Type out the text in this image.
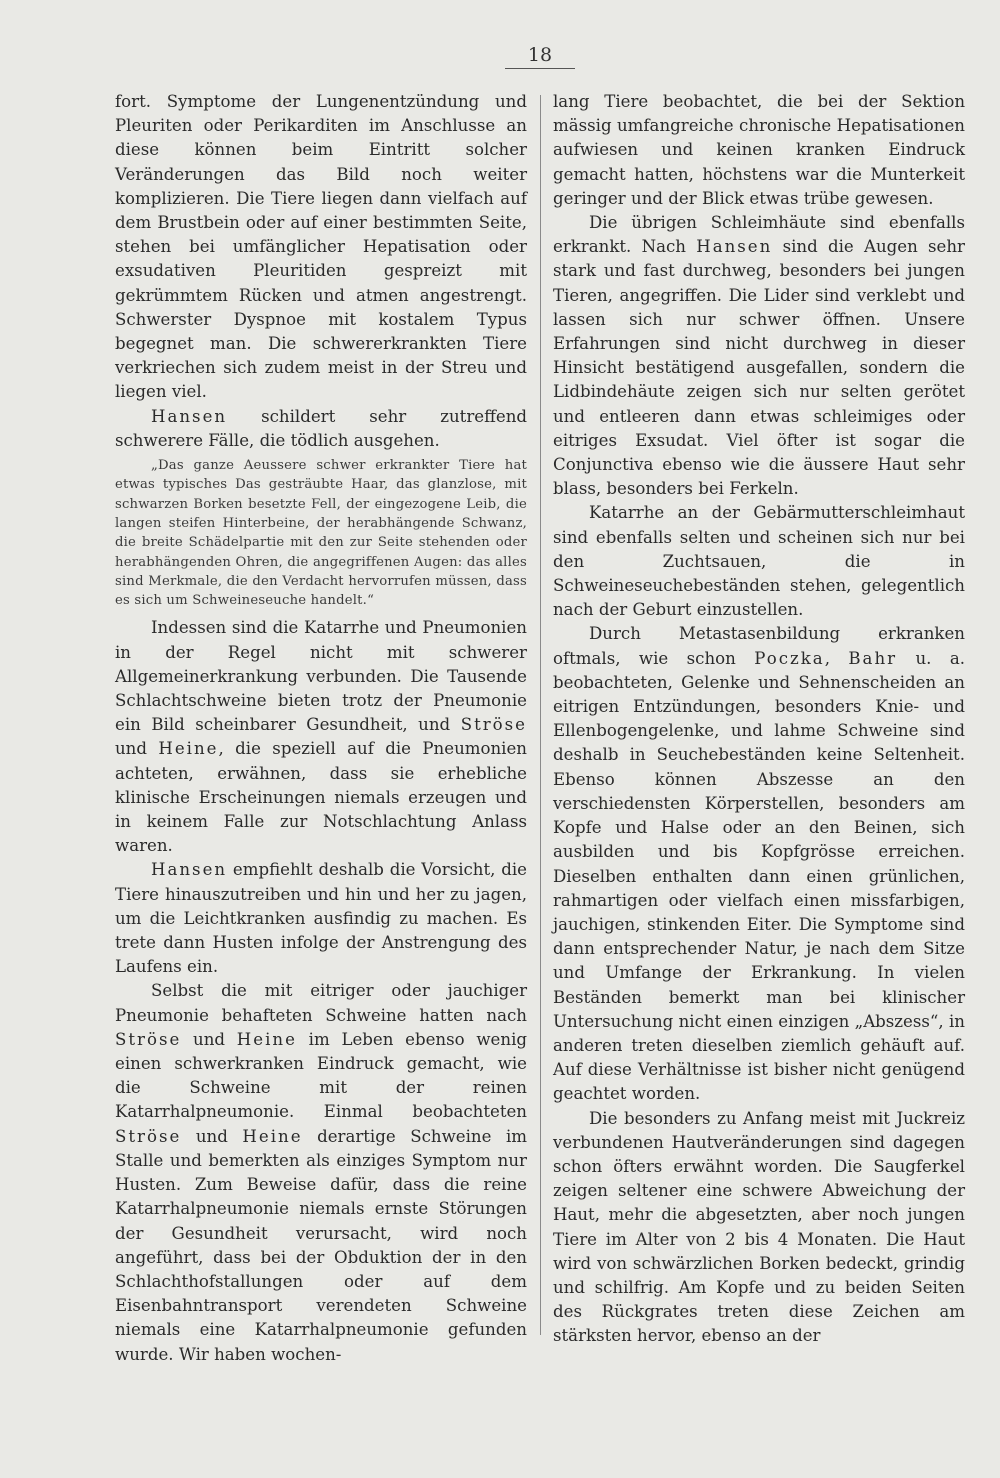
18

fort. Symptome der Lungenentzündung und Pleuriten oder Perikarditen im Anschlusse an diese können beim Eintritt solcher Veränderungen das Bild noch weiter komplizieren. Die Tiere liegen dann vielfach auf dem Brustbein oder auf einer bestimmten Seite, stehen bei umfänglicher Hepatisation oder exsudativen Pleuritiden gespreizt mit gekrümmtem Rücken und atmen angestrengt. Schwerster Dyspnoe mit kostalem Typus begegnet man. Die schwererkrankten Tiere verkriechen sich zudem meist in der Streu und liegen viel.

Hansen schildert sehr zutreffend schwerere Fälle, die tödlich ausgehen.

„Das ganze Aeussere schwer erkrankter Tiere hat etwas typisches Das gesträubte Haar, das glanzlose, mit schwarzen Borken besetzte Fell, der eingezogene Leib, die langen steifen Hinterbeine, der herabhängende Schwanz, die breite Schädelpartie mit den zur Seite stehenden oder herabhängenden Ohren, die angegriffenen Augen: das alles sind Merkmale, die den Verdacht hervorrufen müssen, dass es sich um Schweineseuche handelt.“

Indessen sind die Katarrhe und Pneumonien in der Regel nicht mit schwerer Allgemeinerkrankung verbunden. Die Tausende Schlachtschweine bieten trotz der Pneumonie ein Bild scheinbarer Gesundheit, und Ströse und Heine, die speziell auf die Pneumonien achteten, erwähnen, dass sie erhebliche klinische Erscheinungen niemals erzeugen und in keinem Falle zur Notschlachtung Anlass waren.

Hansen empfiehlt deshalb die Vorsicht, die Tiere hinauszutreiben und hin und her zu jagen, um die Leichtkranken ausfindig zu machen. Es trete dann Husten infolge der Anstrengung des Laufens ein.

Selbst die mit eitriger oder jauchiger Pneumonie behafteten Schweine hatten nach Ströse und Heine im Leben ebenso wenig einen schwerkranken Eindruck gemacht, wie die Schweine mit der reinen Katarrhalpneumonie. Einmal beobachteten Ströse und Heine derartige Schweine im Stalle und bemerkten als einziges Symptom nur Husten. Zum Beweise dafür, dass die reine Katarrhalpneumonie niemals ernste Störungen der Gesundheit verursacht, wird noch angeführt, dass bei der Obduktion der in den Schlachthofstallungen oder auf dem Eisenbahntransport verendeten Schweine niemals eine Katarrhalpneumonie gefunden wurde. Wir haben wochen-

lang Tiere beobachtet, die bei der Sektion mässig umfangreiche chronische Hepatisationen aufwiesen und keinen kranken Eindruck gemacht hatten, höchstens war die Munterkeit geringer und der Blick etwas trübe gewesen.

Die übrigen Schleimhäute sind ebenfalls erkrankt. Nach Hansen sind die Augen sehr stark und fast durchweg, besonders bei jungen Tieren, angegriffen. Die Lider sind verklebt und lassen sich nur schwer öffnen. Unsere Erfahrungen sind nicht durchweg in dieser Hinsicht bestätigend ausgefallen, sondern die Lidbindehäute zeigen sich nur selten gerötet und entleeren dann etwas schleimiges oder eitriges Exsudat. Viel öfter ist sogar die Conjunctiva ebenso wie die äussere Haut sehr blass, besonders bei Ferkeln.

Katarrhe an der Gebärmutterschleimhaut sind ebenfalls selten und scheinen sich nur bei den Zuchtsauen, die in Schweineseuchebeständen stehen, gelegentlich nach der Geburt einzustellen.

Durch Metastasenbildung erkranken oftmals, wie schon Poczka, Bahr u. a. beobachteten, Gelenke und Sehnenscheiden an eitrigen Entzündungen, besonders Knie- und Ellenbogengelenke, und lahme Schweine sind deshalb in Seuchebeständen keine Seltenheit. Ebenso können Abszesse an den verschiedensten Körperstellen, besonders am Kopfe und Halse oder an den Beinen, sich ausbilden und bis Kopfgrösse erreichen. Dieselben enthalten dann einen grünlichen, rahmartigen oder vielfach einen missfarbigen, jauchigen, stinkenden Eiter. Die Symptome sind dann entsprechender Natur, je nach dem Sitze und Umfange der Erkrankung. In vielen Beständen bemerkt man bei klinischer Untersuchung nicht einen einzigen „Abszess“, in anderen treten dieselben ziemlich gehäuft auf. Auf diese Verhältnisse ist bisher nicht genügend geachtet worden.

Die besonders zu Anfang meist mit Juckreiz verbundenen Hautveränderungen sind dagegen schon öfters erwähnt worden. Die Saugferkel zeigen seltener eine schwere Abweichung der Haut, mehr die abgesetzten, aber noch jungen Tiere im Alter von 2 bis 4 Monaten. Die Haut wird von schwärzlichen Borken bedeckt, grindig und schilfrig. Am Kopfe und zu beiden Seiten des Rückgrates treten diese Zeichen am stärksten hervor, ebenso an der
